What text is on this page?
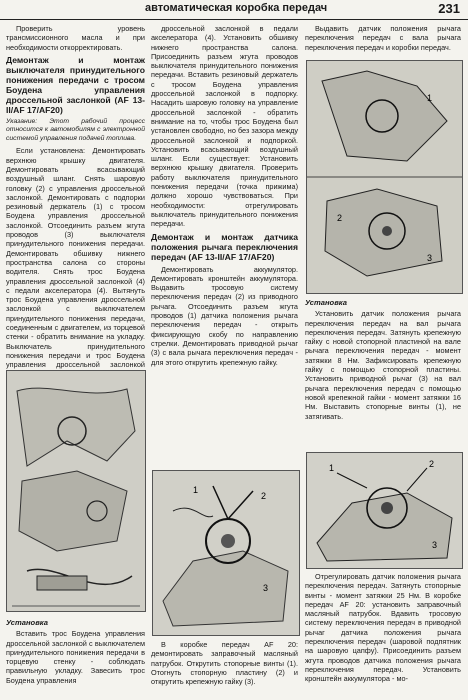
автоматическая коробка передач	231

Проверить уровень трансмиссионного масла и при необходимости откорректировать.

Демонтаж и монтаж выключателя принудительного понижения передачи с тросом Боудена управления дроссельной заслонкой (AF 13-II/AF 17/AF20)
Указание: Этот рабочий процесс относится к автомобилям с электронной системой управления подачей топлива.

Если установлена: Демонтировать верхнюю крышку двигателя. Демонтировать всасывающий воздушный шланг. Снять шаровую головку (2) с управления дроссельной заслонкой. Демонтировать с подпорки резиновый держатель (1) с тросом Боудена управления дроссельной заслонкой. Отсоединить разъем жгута проводов (3) выключателя принудительного понижения передачи. Демонтировать обшивку нижнего пространства салона со стороны водителя. Снять трос Боудена управления дроссельной заслонкой (4) с педали акселератора (4). Вытянуть трос Боудена управления дроссельной заслонкой с выключателем принудительного понижения передачи, соединенным с двигателем, из торцевой стенки - обратить внимание на укладку. Выключатель принудительного понижения передачи и трос Боудена управления дроссельной заслонкой

Установка

Вставить трос Боудена управления дроссельной заслонкой с выключателем принудительного понижения передачи в торцевую стенку - соблюдать правильную укладку. Завесить трос Боудена управления

дроссельной заслонкой в педали акселератора (4). Установить обшивку нижнего пространства салона. Присоединить разъем жгута проводов выключателя принудительного понижения передачи. Вставить резиновый держатель с тросом Боудена управления дроссельной заслонкой в подпорку. Насадить шаровую головку на управление дроссельной заслонкой - обратить внимание на то, чтобы трос Боудена был установлен свободно, но без зазора между дроссельной заслонкой и подпоркой. Установить всасывающий воздушный шланг. Если существует: Установить верхнюю крышку двигателя. Проверить работу выключателя принудительного понижения передачи (точка прижима) должно хорошо чувствоваться. При необходимости: отрегулировать выключатель принудительного понижения передачи.

Демонтаж и монтаж датчика положения рычага переключения передач (AF 13-II/AF 17/AF20)

Демонтировать аккумулятор. Демонтировать кронштейн аккумулятора. Выдавить тросовую систему переключения передач (2) из приводного рычага. Отсоединить разъем жгута проводов (1) датчика положения рычага переключения передач - открыть фиксирующую скобу по направлению стрелки. Демонтировать приводной рычаг (3) с вала рычага переключения передач - для этого открутить крепежную гайку.

1
2
3

В коробке передач AF 20: демонтировать заправочный масляный патрубок. Открутить стопорные винты (1). Отогнуть стопорную пластину (2) и открутить крепежную гайку (3).

Выдавить датчик положения рычага переключения передач с вала рычага переключения передач и коробки передач.

1
2
3
Установка

Установить датчик положения рычага переключения передач на вал рычага переключения передач. Затянуть крепежную гайку с новой стопорной пластиной на вале рычага переключения передач - момент затяжки 8 Нм. Зафиксировать крепежную гайку с помощью стопорной пластины. Установить приводной рычаг (3) на вал рычага переключения передач с помощью новой крепежной гайки - момент затяжки 16 Нм. Выставить стопорные винты (1), не затягивать.

1	2
3

Отрегулировать датчик положения рычага переключения передач. Затянуть стопорные винты - момент затяжки 25 Нм. В коробке передач AF 20: установить заправочный масляный патрубок. Вдавить тросовую систему переключения передач в приводной рычаг датчика положения рычага переключения передач (шаровой подпятник на шаровую цапфу). Присоединить разъем жгута проводов датчика положения рычага переключения передач. Установить кронштейн аккумулятора - мо-
